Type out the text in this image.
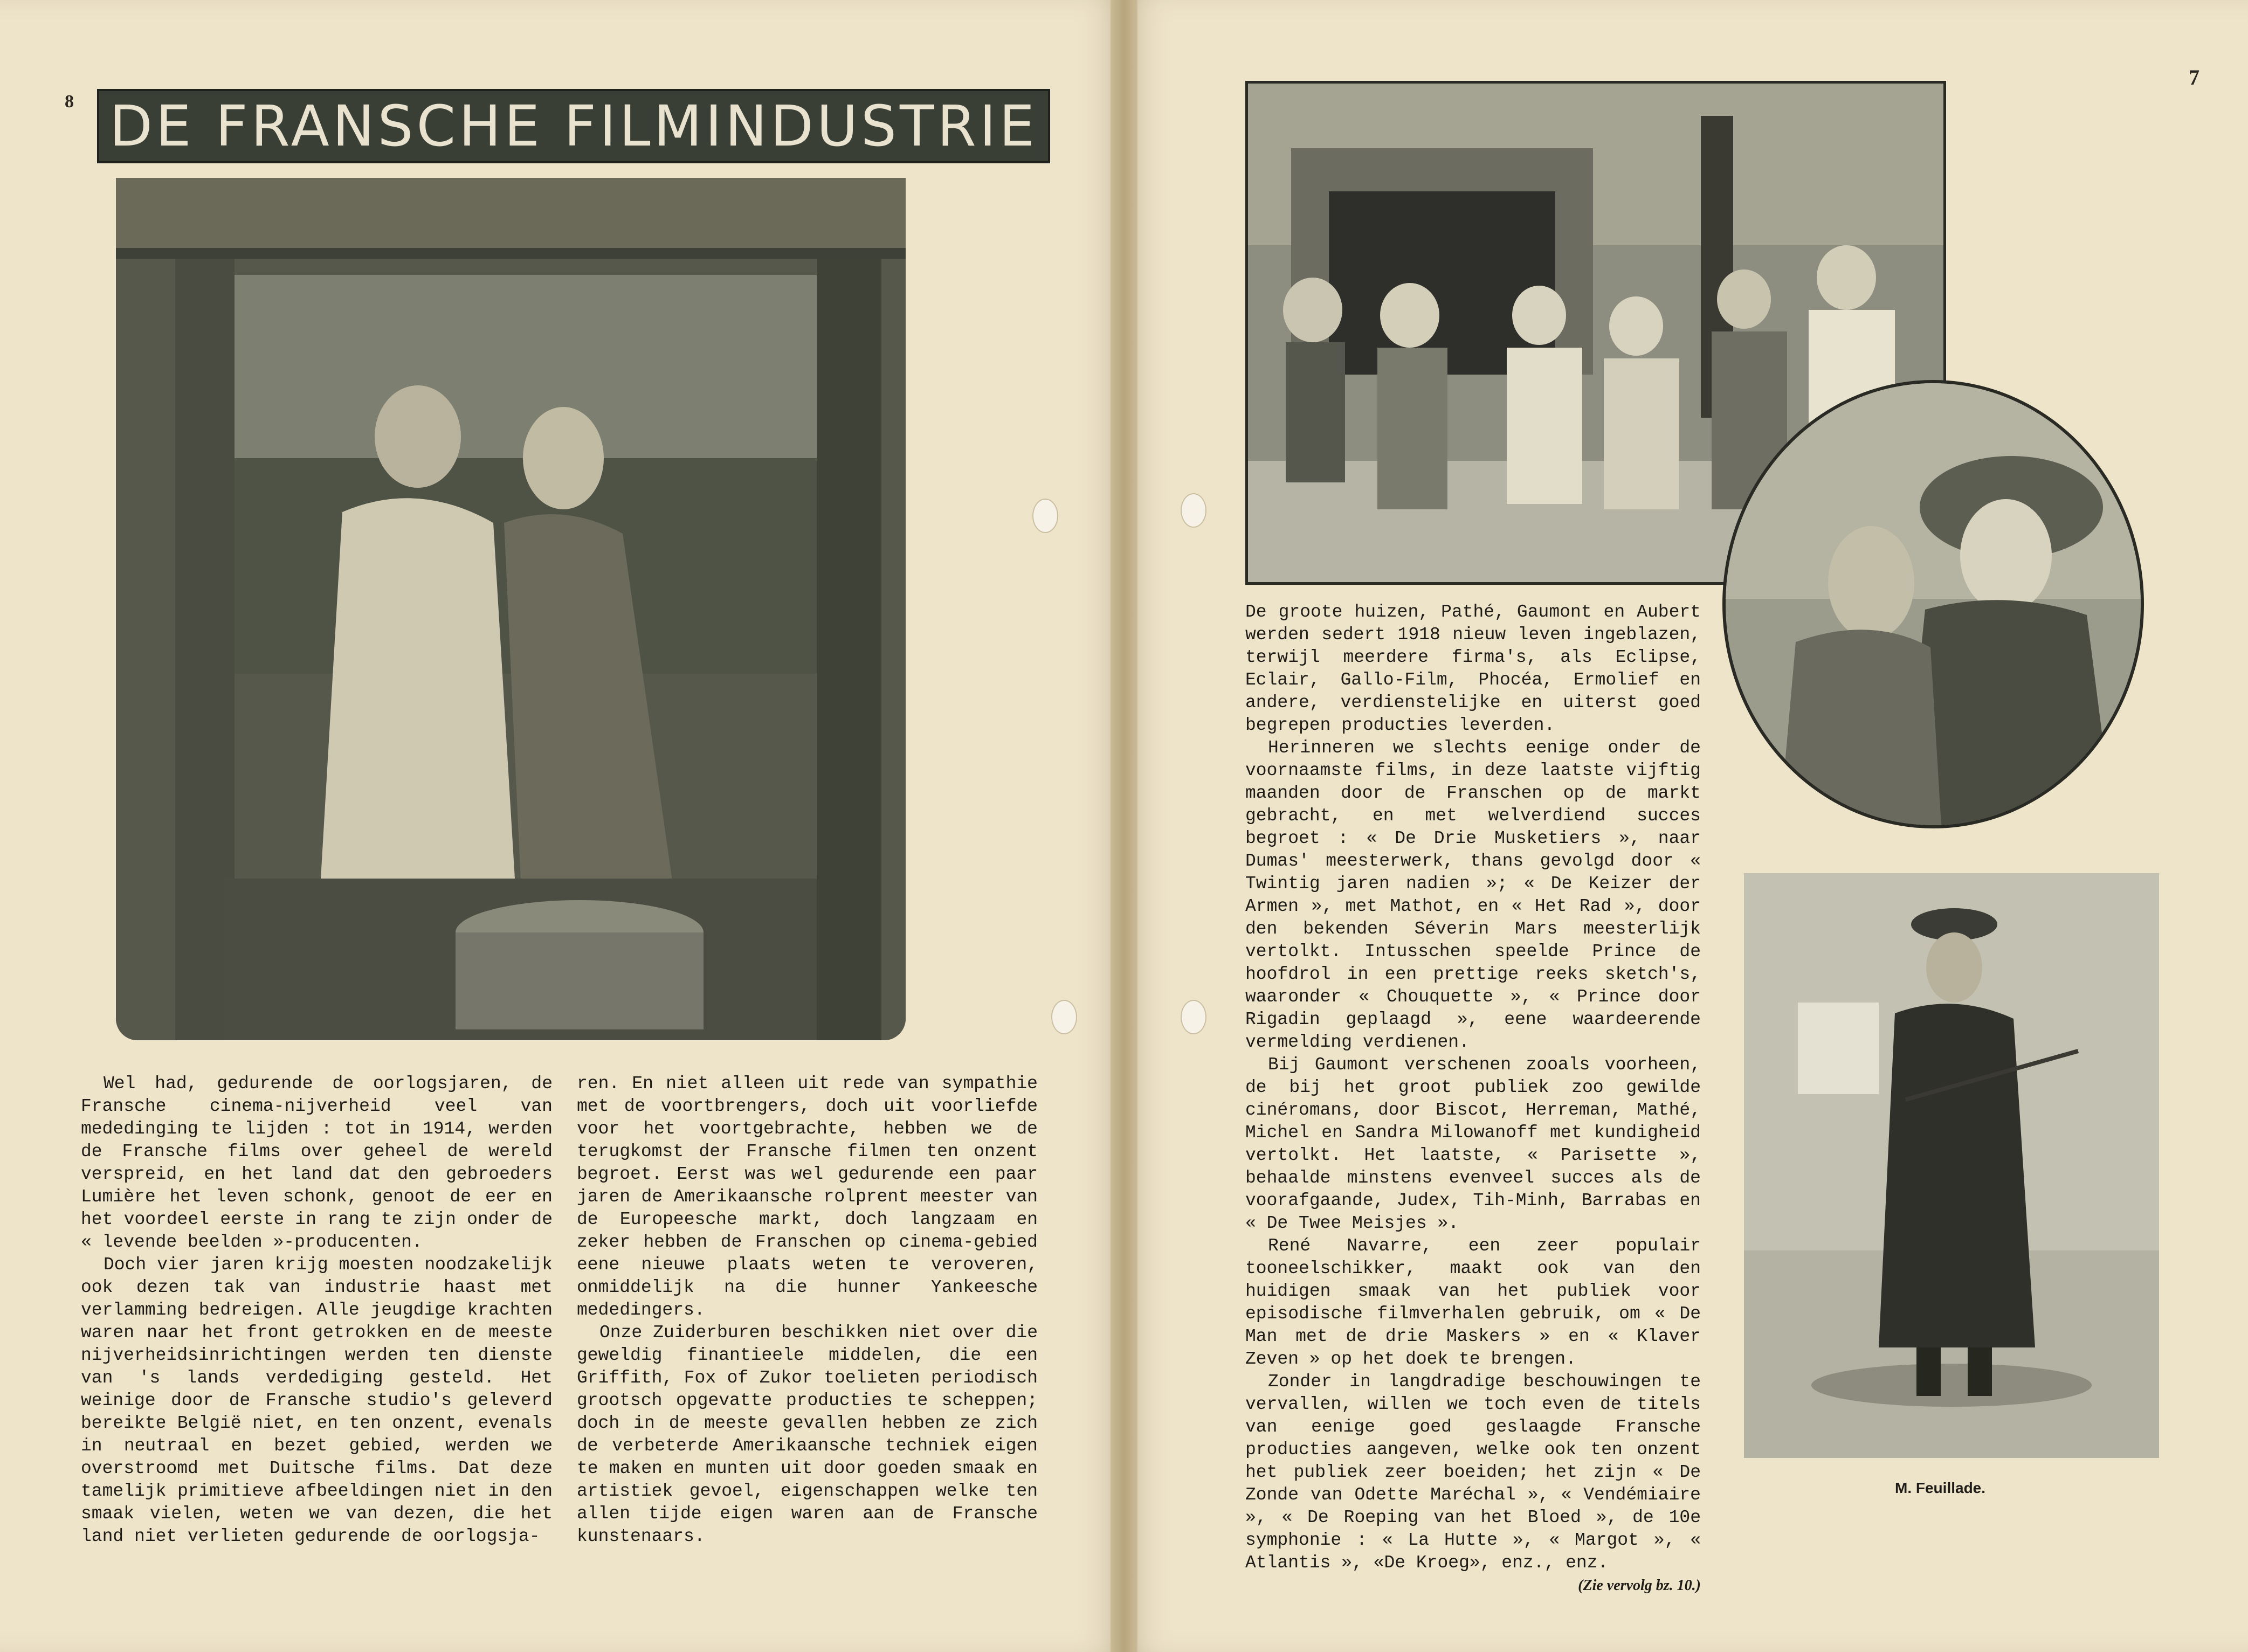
8
7
DE FRANSCHE FILMINDUSTRIE

Wel had, gedurende de oorlogsjaren, de Fransche cinema-nijverheid veel van mededinging te lijden : tot in 1914, werden de Fransche films over geheel de wereld verspreid, en het land dat den gebroeders Lumière het leven schonk, genoot de eer en het voordeel eerste in rang te zijn onder de « levende beelden »-producenten.

Doch vier jaren krijg moesten noodzakelijk ook dezen tak van industrie haast met verlamming bedreigen. Alle jeugdige krachten waren naar het front getrokken en de meeste nijverheidsinrichtingen werden ten dienste van 's lands verdediging gesteld. Het weinige door de Fransche studio's geleverd bereikte België niet, en ten onzent, evenals in neutraal en bezet gebied, werden we overstroomd met Duitsche films. Dat deze tamelijk primitieve afbeeldingen niet in den smaak vielen, weten we van dezen, die het land niet verlieten gedurende de oorlogsja-

ren. En niet alleen uit rede van sympathie met de voortbrengers, doch uit voorliefde voor het voortgebrachte, hebben we de terugkomst der Fransche filmen ten onzent begroet. Eerst was wel gedurende een paar jaren de Amerikaansche rolprent meester van de Europeesche markt, doch langzaam en zeker hebben de Franschen op cinema-gebied eene nieuwe plaats weten te veroveren, onmiddelijk na die hunner Yankeesche mededingers.

Onze Zuiderburen beschikken niet over die geweldig finantieele middelen, die een Griffith, Fox of Zukor toelieten periodisch grootsch opgevatte producties te scheppen; doch in de meeste gevallen hebben ze zich de verbeterde Amerikaansche techniek eigen te maken en munten uit door goeden smaak en artistiek gevoel, eigenschappen welke ten allen tijde eigen waren aan de Fransche kunstenaars.

M. Feuillade.

De groote huizen, Pathé, Gaumont en Aubert werden sedert 1918 nieuw leven ingeblazen, terwijl meerdere firma's, als Eclipse, Eclair, Gallo-Film, Phocéa, Ermolief en andere, verdienstelijke en uiterst goed begrepen producties leverden.

Herinneren we slechts eenige onder de voornaamste films, in deze laatste vijftig maanden door de Franschen op de markt gebracht, en met welverdiend succes begroet : « De Drie Musketiers », naar Dumas' meesterwerk, thans gevolgd door « Twintig jaren nadien »; « De Keizer der Armen », met Mathot, en « Het Rad », door den bekenden Séverin Mars meesterlijk vertolkt. Intusschen speelde Prince de hoofdrol in een prettige reeks sketch's, waaronder « Chouquette », « Prince door Rigadin geplaagd », eene waardeerende vermelding verdienen.

Bij Gaumont verschenen zooals voorheen, de bij het groot publiek zoo gewilde cinéromans, door Biscot, Herreman, Mathé, Michel en Sandra Milowanoff met kundigheid vertolkt. Het laatste, « Parisette », behaalde minstens evenveel succes als de voorafgaande, Judex, Tih-Minh, Barrabas en « De Twee Meisjes ».

René Navarre, een zeer populair tooneelschikker, maakt ook van den huidigen smaak van het publiek voor episodische filmverhalen gebruik, om « De Man met de drie Maskers » en « Klaver Zeven » op het doek te brengen.

Zonder in langdradige beschouwingen te vervallen, willen we toch even de titels van eenige goed geslaagde Fransche producties aangeven, welke ook ten onzent het publiek zeer boeiden; het zijn « De Zonde van Odette Maréchal », « Vendémiaire », « De Roeping van het Bloed », de 10e symphonie : « La Hutte », « Margot », « Atlantis », «De Kroeg», enz., enz.

(Zie vervolg bz. 10.)
